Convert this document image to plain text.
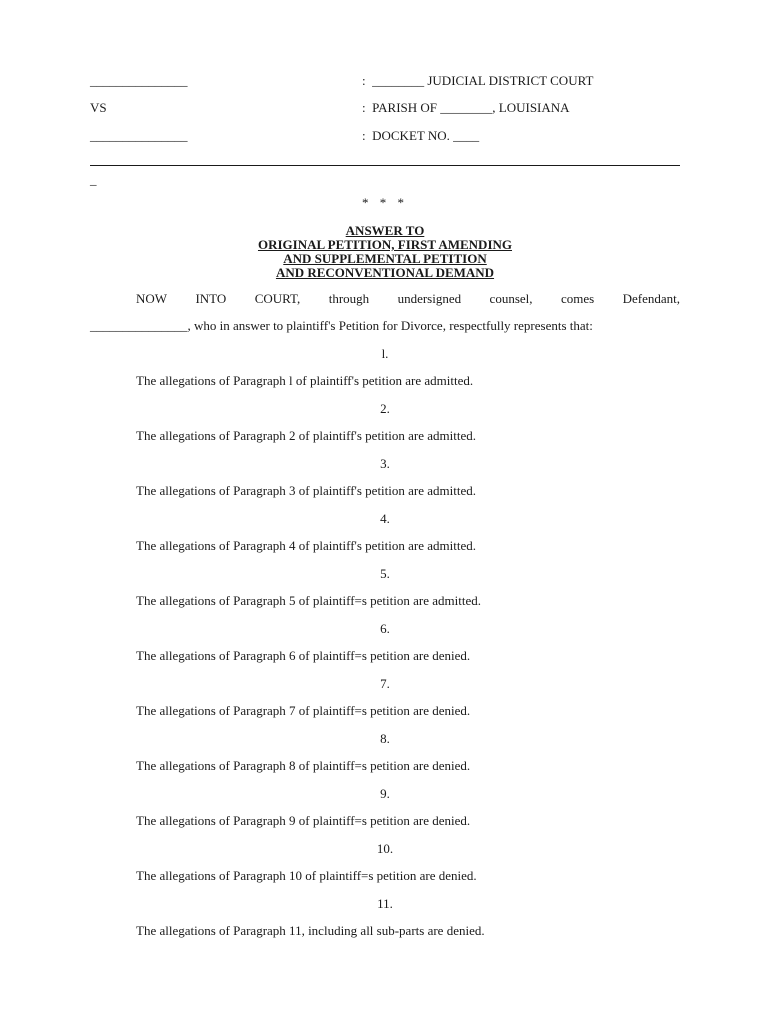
_______________	:  ________ JUDICIAL DISTRICT COURT
VS	:  PARISH OF ________, LOUISIANA
_______________	:  DOCKET NO. ____
_
* * *
ANSWER TO
ORIGINAL PETITION, FIRST AMENDING
AND SUPPLEMENTAL PETITION
AND RECONVENTIONAL DEMAND
NOW INTO COURT, through undersigned counsel, comes Defendant,
_______________, who in answer to plaintiff's Petition for Divorce, respectfully represents that:
l.
The allegations of Paragraph l of plaintiff's petition are admitted.
2.
The allegations of Paragraph 2 of plaintiff's petition are admitted.
3.
The allegations of Paragraph 3 of plaintiff's petition are admitted.
4.
The allegations of Paragraph 4 of plaintiff's petition are admitted.
5.
The allegations of Paragraph 5 of plaintiff=s petition are admitted.
6.
The allegations of Paragraph 6 of plaintiff=s petition are denied.
7.
The allegations of Paragraph 7 of plaintiff=s petition are denied.
8.
The allegations of Paragraph 8 of plaintiff=s petition are denied.
9.
The allegations of Paragraph 9 of plaintiff=s petition are denied.
10.
The allegations of Paragraph 10 of plaintiff=s petition are denied.
11.
The allegations of Paragraph 11, including all sub-parts are denied.
